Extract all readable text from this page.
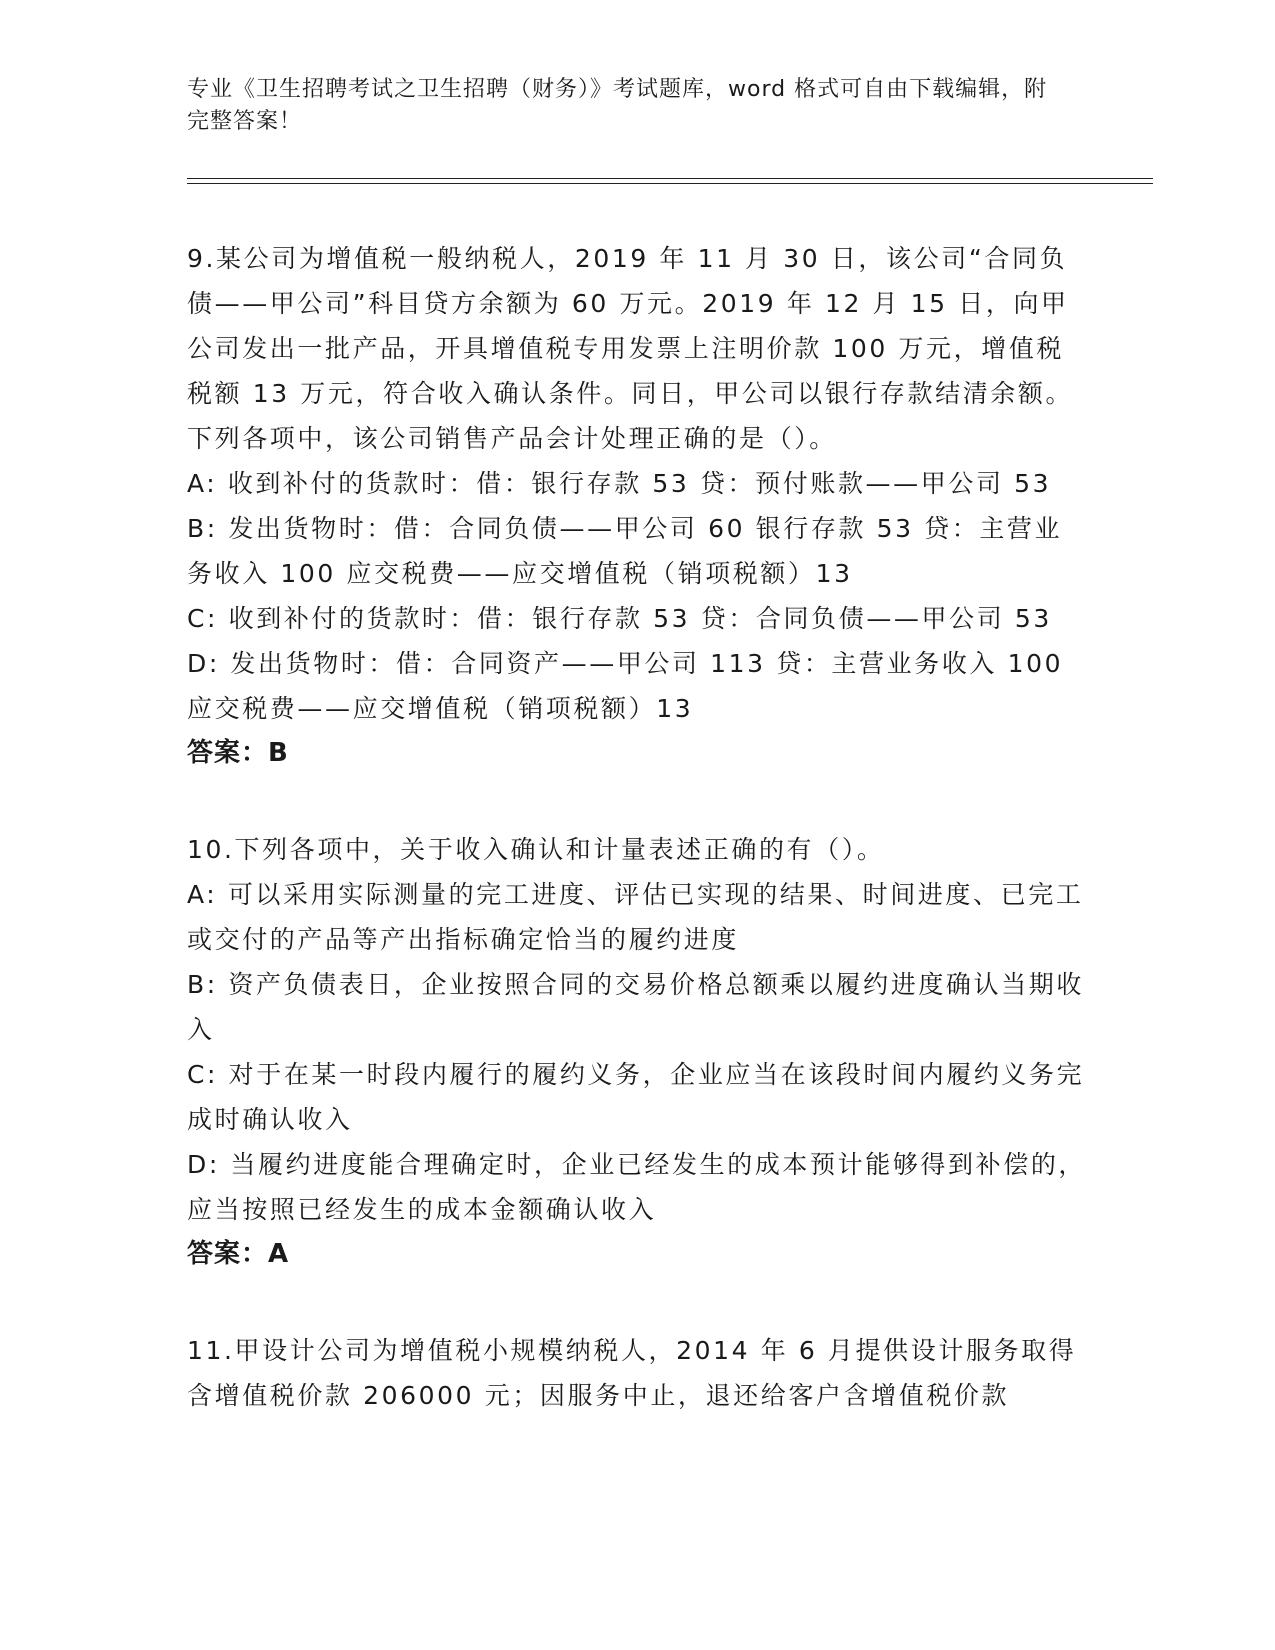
专业《卫生招聘考试之卫生招聘（财务）》考试题库，word 格式可自由下载编辑，附完整答案！

9.某公司为增值税一般纳税人，2019 年 11 月 30 日，该公司“合同负债——甲公司”科目贷方余额为 60 万元。2019 年 12 月 15 日，向甲公司发出一批产品，开具增值税专用发票上注明价款 100 万元，增值税税额 13 万元，符合收入确认条件。同日，甲公司以银行存款结清余额。下列各项中，该公司销售产品会计处理正确的是（）。

A: 收到补付的货款时：借：银行存款 53 贷：预付账款——甲公司 53

B: 发出货物时：借：合同负债——甲公司 60 银行存款 53 贷：主营业务收入 100 应交税费——应交增值税（销项税额）13

C: 收到补付的货款时：借：银行存款 53 贷：合同负债——甲公司 53

D: 发出货物时：借：合同资产——甲公司 113 贷：主营业务收入 100 应交税费——应交增值税（销项税额）13

答案：B

10.下列各项中，关于收入确认和计量表述正确的有（）。

A: 可以采用实际测量的完工进度、评估已实现的结果、时间进度、已完工或交付的产品等产出指标确定恰当的履约进度

B: 资产负债表日，企业按照合同的交易价格总额乘以履约进度确认当期收入

C: 对于在某一时段内履行的履约义务，企业应当在该段时间内履约义务完成时确认收入

D: 当履约进度能合理确定时，企业已经发生的成本预计能够得到补偿的，应当按照已经发生的成本金额确认收入

答案：A

11.甲设计公司为增值税小规模纳税人，2014 年 6 月提供设计服务取得含增值税价款 206000 元；因服务中止，退还给客户含增值税价款
